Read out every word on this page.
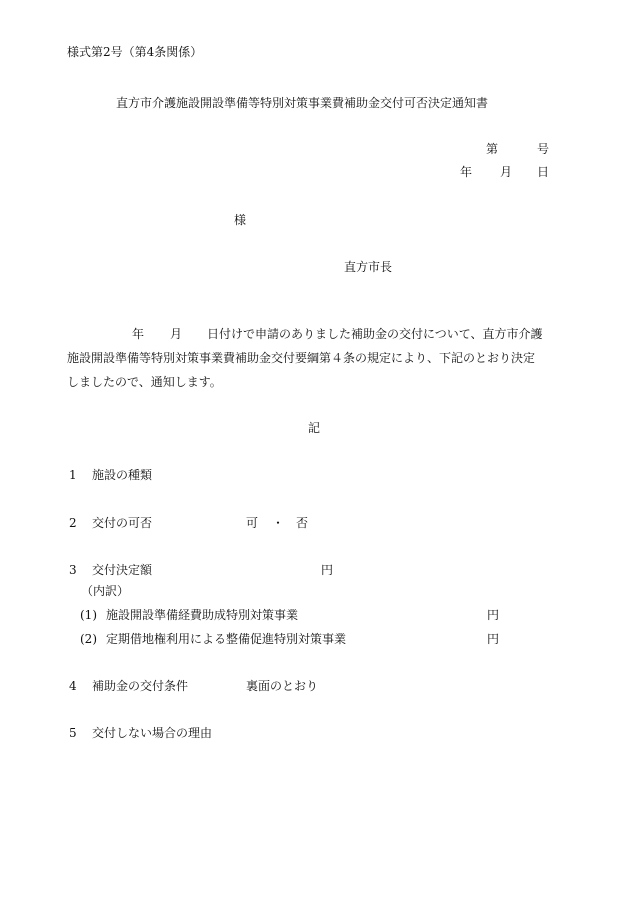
様式第2号（第4条関係）
直方市介護施設開設準備等特別対策事業費補助金交付可否決定通知書
第	号
年 月 日
様
直方市長
年 月 日付けで申請のありました補助金の交付について、直方市介護
施設開設準備等特別対策事業費補助金交付要綱第４条の規定により、下記のとおり決定
しましたので、通知します。
記
1 施設の種類
2 交付の可否	可 ・ 否
3 交付決定額	円
（内訳）
(1) 施設開設準備経費助成特別対策事業	円
(2) 定期借地権利用による整備促進特別対策事業	円
4 補助金の交付条件	裏面のとおり
5 交付しない場合の理由
